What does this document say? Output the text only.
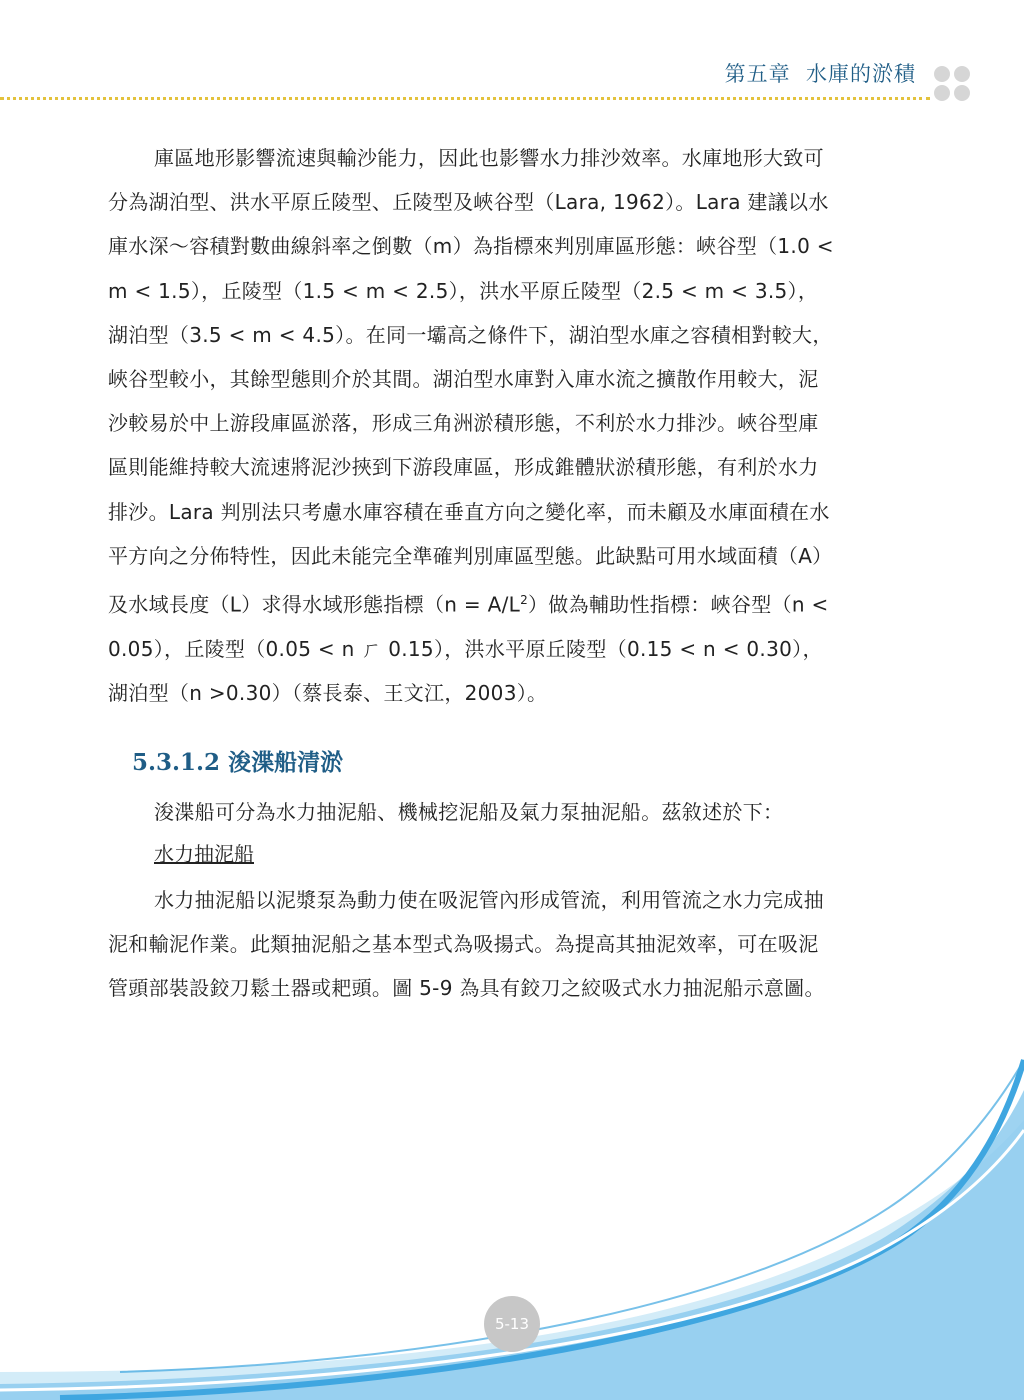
第五章 水庫的淤積
庫區地形影響流速與輸沙能力，因此也影響水力排沙效率。水庫地形大致可
分為湖泊型、洪水平原丘陵型、丘陵型及峽谷型（Lara, 1962）。Lara 建議以水
庫水深～容積對數曲線斜率之倒數（m）為指標來判別庫區形態：峽谷型（1.0 <
m < 1.5），丘陵型（1.5 < m < 2.5），洪水平原丘陵型（2.5 < m < 3.5），
湖泊型（3.5 < m < 4.5）。在同一壩高之條件下，湖泊型水庫之容積相對較大，
峽谷型較小，其餘型態則介於其間。湖泊型水庫對入庫水流之擴散作用較大，泥
沙較易於中上游段庫區淤落，形成三角洲淤積形態，不利於水力排沙。峽谷型庫
區則能維持較大流速將泥沙挾到下游段庫區，形成錐體狀淤積形態，有利於水力
排沙。Lara 判別法只考慮水庫容積在垂直方向之變化率，而未顧及水庫面積在水
平方向之分佈特性，因此未能完全準確判別庫區型態。此缺點可用水域面積（A）
及水域長度（L）求得水域形態指標$(n = A/L^2)$做為輔助性指標：峽谷型（n <
0.05），丘陵型（0.05 < n ㄏ 0.15），洪水平原丘陵型（0.15 < n < 0.30），
湖泊型（n >0.30）（蔡長泰、王文江，2003）。
5.3.1.2 浚渫船清淤
浚渫船可分為水力抽泥船、機械挖泥船及氣力泵抽泥船。茲敘述於下：
水力抽泥船
水力抽泥船以泥漿泵為動力使在吸泥管內形成管流，利用管流之水力完成抽
泥和輸泥作業。此類抽泥船之基本型式為吸揚式。為提高其抽泥效率，可在吸泥
管頭部裝設鉸刀鬆土器或耙頭。圖 5-9 為具有鉸刀之絞吸式水力抽泥船示意圖。
5-13
